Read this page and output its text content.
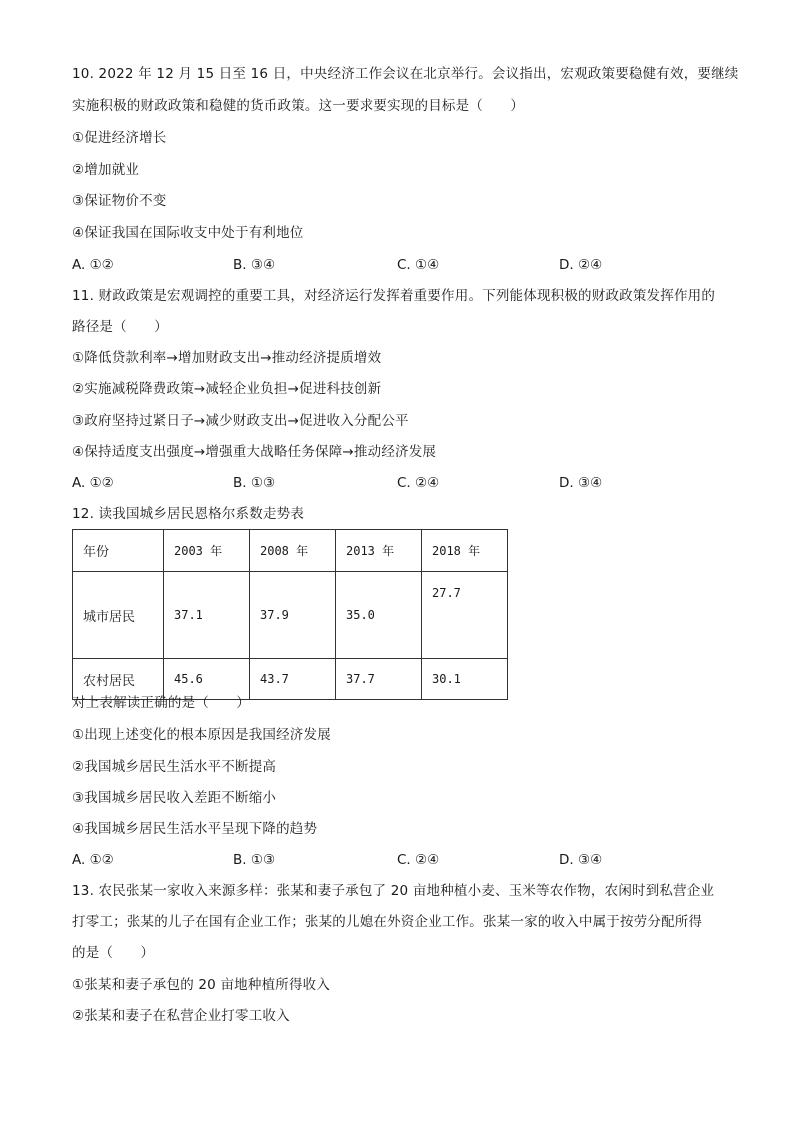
10. 2022 年 12 月 15 日至 16 日，中央经济工作会议在北京举行。会议指出，宏观政策要稳健有效，要继续
实施积极的财政政策和稳健的货币政策。这一要求要实现的目标是（　　）
①促进经济增长
②增加就业
③保证物价不变
④保证我国在国际收支中处于有利地位
A. ①②	B. ③④	C. ①④	D. ②④
11. 财政政策是宏观调控的重要工具，对经济运行发挥着重要作用。下列能体现积极的财政政策发挥作用的
路径是（　　）
①降低贷款利率→增加财政支出→推动经济提质增效
②实施减税降费政策→减轻企业负担→促进科技创新
③政府坚持过紧日子→减少财政支出→促进收入分配公平
④保持适度支出强度→增强重大战略任务保障→推动经济发展
A. ①②	B. ①③	C. ②④	D. ③④
12. 读我国城乡居民恩格尔系数走势表
年份	2003 年	2008 年	2013 年	2018 年
城市居民	37.1	37.9	35.0	27.7
农村居民	45.6	43.7	37.7	30.1
对上表解读正确的是（　　）
①出现上述变化的根本原因是我国经济发展
②我国城乡居民生活水平不断提高
③我国城乡居民收入差距不断缩小
④我国城乡居民生活水平呈现下降的趋势
A. ①②	B. ①③	C. ②④	D. ③④
13. 农民张某一家收入来源多样：张某和妻子承包了 20 亩地种植小麦、玉米等农作物，农闲时到私营企业
打零工；张某的儿子在国有企业工作；张某的儿媳在外资企业工作。张某一家的收入中属于按劳分配所得
的是（　　）
①张某和妻子承包的 20 亩地种植所得收入
②张某和妻子在私营企业打零工收入
